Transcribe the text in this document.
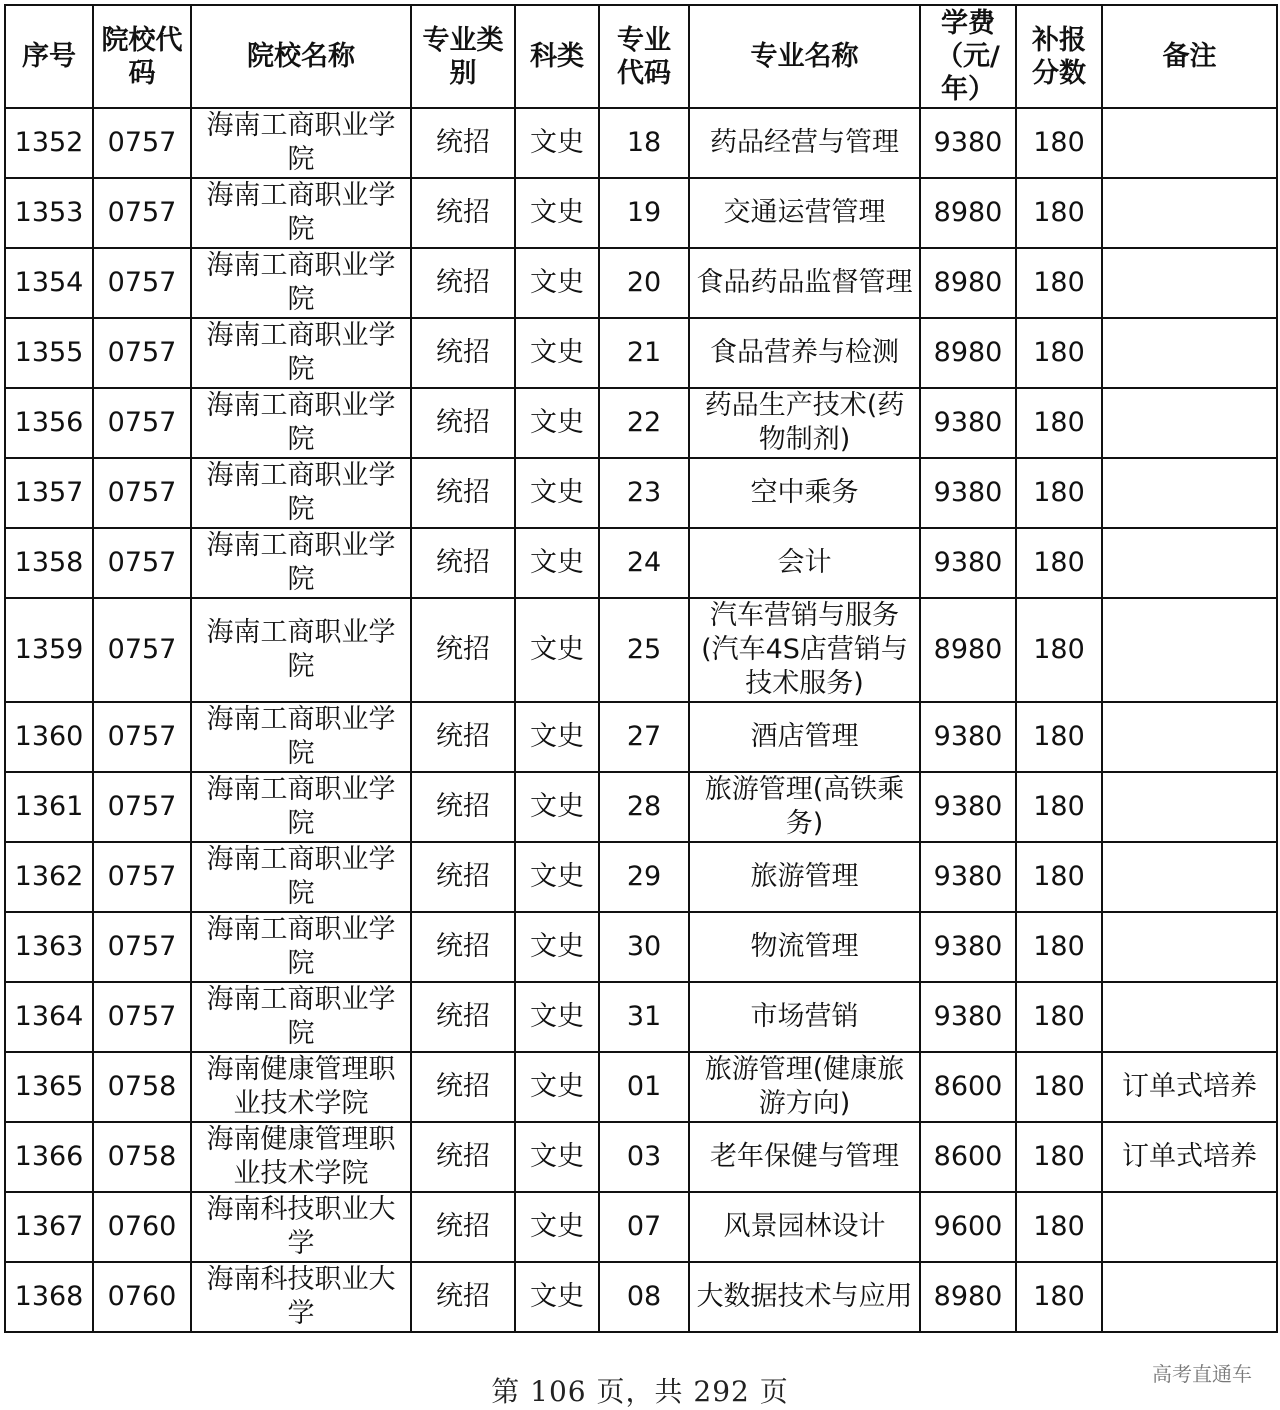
序号	院校代码	院校名称	专业类别	科类	专业代码	专业名称	学费（元/年）	补报分数	备注
1352	0757	海南工商职业学院	统招	文史	18	药品经营与管理	9380	180	
1353	0757	海南工商职业学院	统招	文史	19	交通运营管理	8980	180	
1354	0757	海南工商职业学院	统招	文史	20	食品药品监督管理	8980	180	
1355	0757	海南工商职业学院	统招	文史	21	食品营养与检测	8980	180	
1356	0757	海南工商职业学院	统招	文史	22	药品生产技术(药物制剂)	9380	180	
1357	0757	海南工商职业学院	统招	文史	23	空中乘务	9380	180	
1358	0757	海南工商职业学院	统招	文史	24	会计	9380	180	
1359	0757	海南工商职业学院	统招	文史	25	汽车营销与服务(汽车4S店营销与技术服务)	8980	180	
1360	0757	海南工商职业学院	统招	文史	27	酒店管理	9380	180	
1361	0757	海南工商职业学院	统招	文史	28	旅游管理(高铁乘务)	9380	180	
1362	0757	海南工商职业学院	统招	文史	29	旅游管理	9380	180	
1363	0757	海南工商职业学院	统招	文史	30	物流管理	9380	180	
1364	0757	海南工商职业学院	统招	文史	31	市场营销	9380	180	
1365	0758	海南健康管理职业技术学院	统招	文史	01	旅游管理(健康旅游方向)	8600	180	订单式培养
1366	0758	海南健康管理职业技术学院	统招	文史	03	老年保健与管理	8600	180	订单式培养
1367	0760	海南科技职业大学	统招	文史	07	风景园林设计	9600	180	
1368	0760	海南科技职业大学	统招	文史	08	大数据技术与应用	8980	180	
第 106 页，共 292 页
高考直通车
